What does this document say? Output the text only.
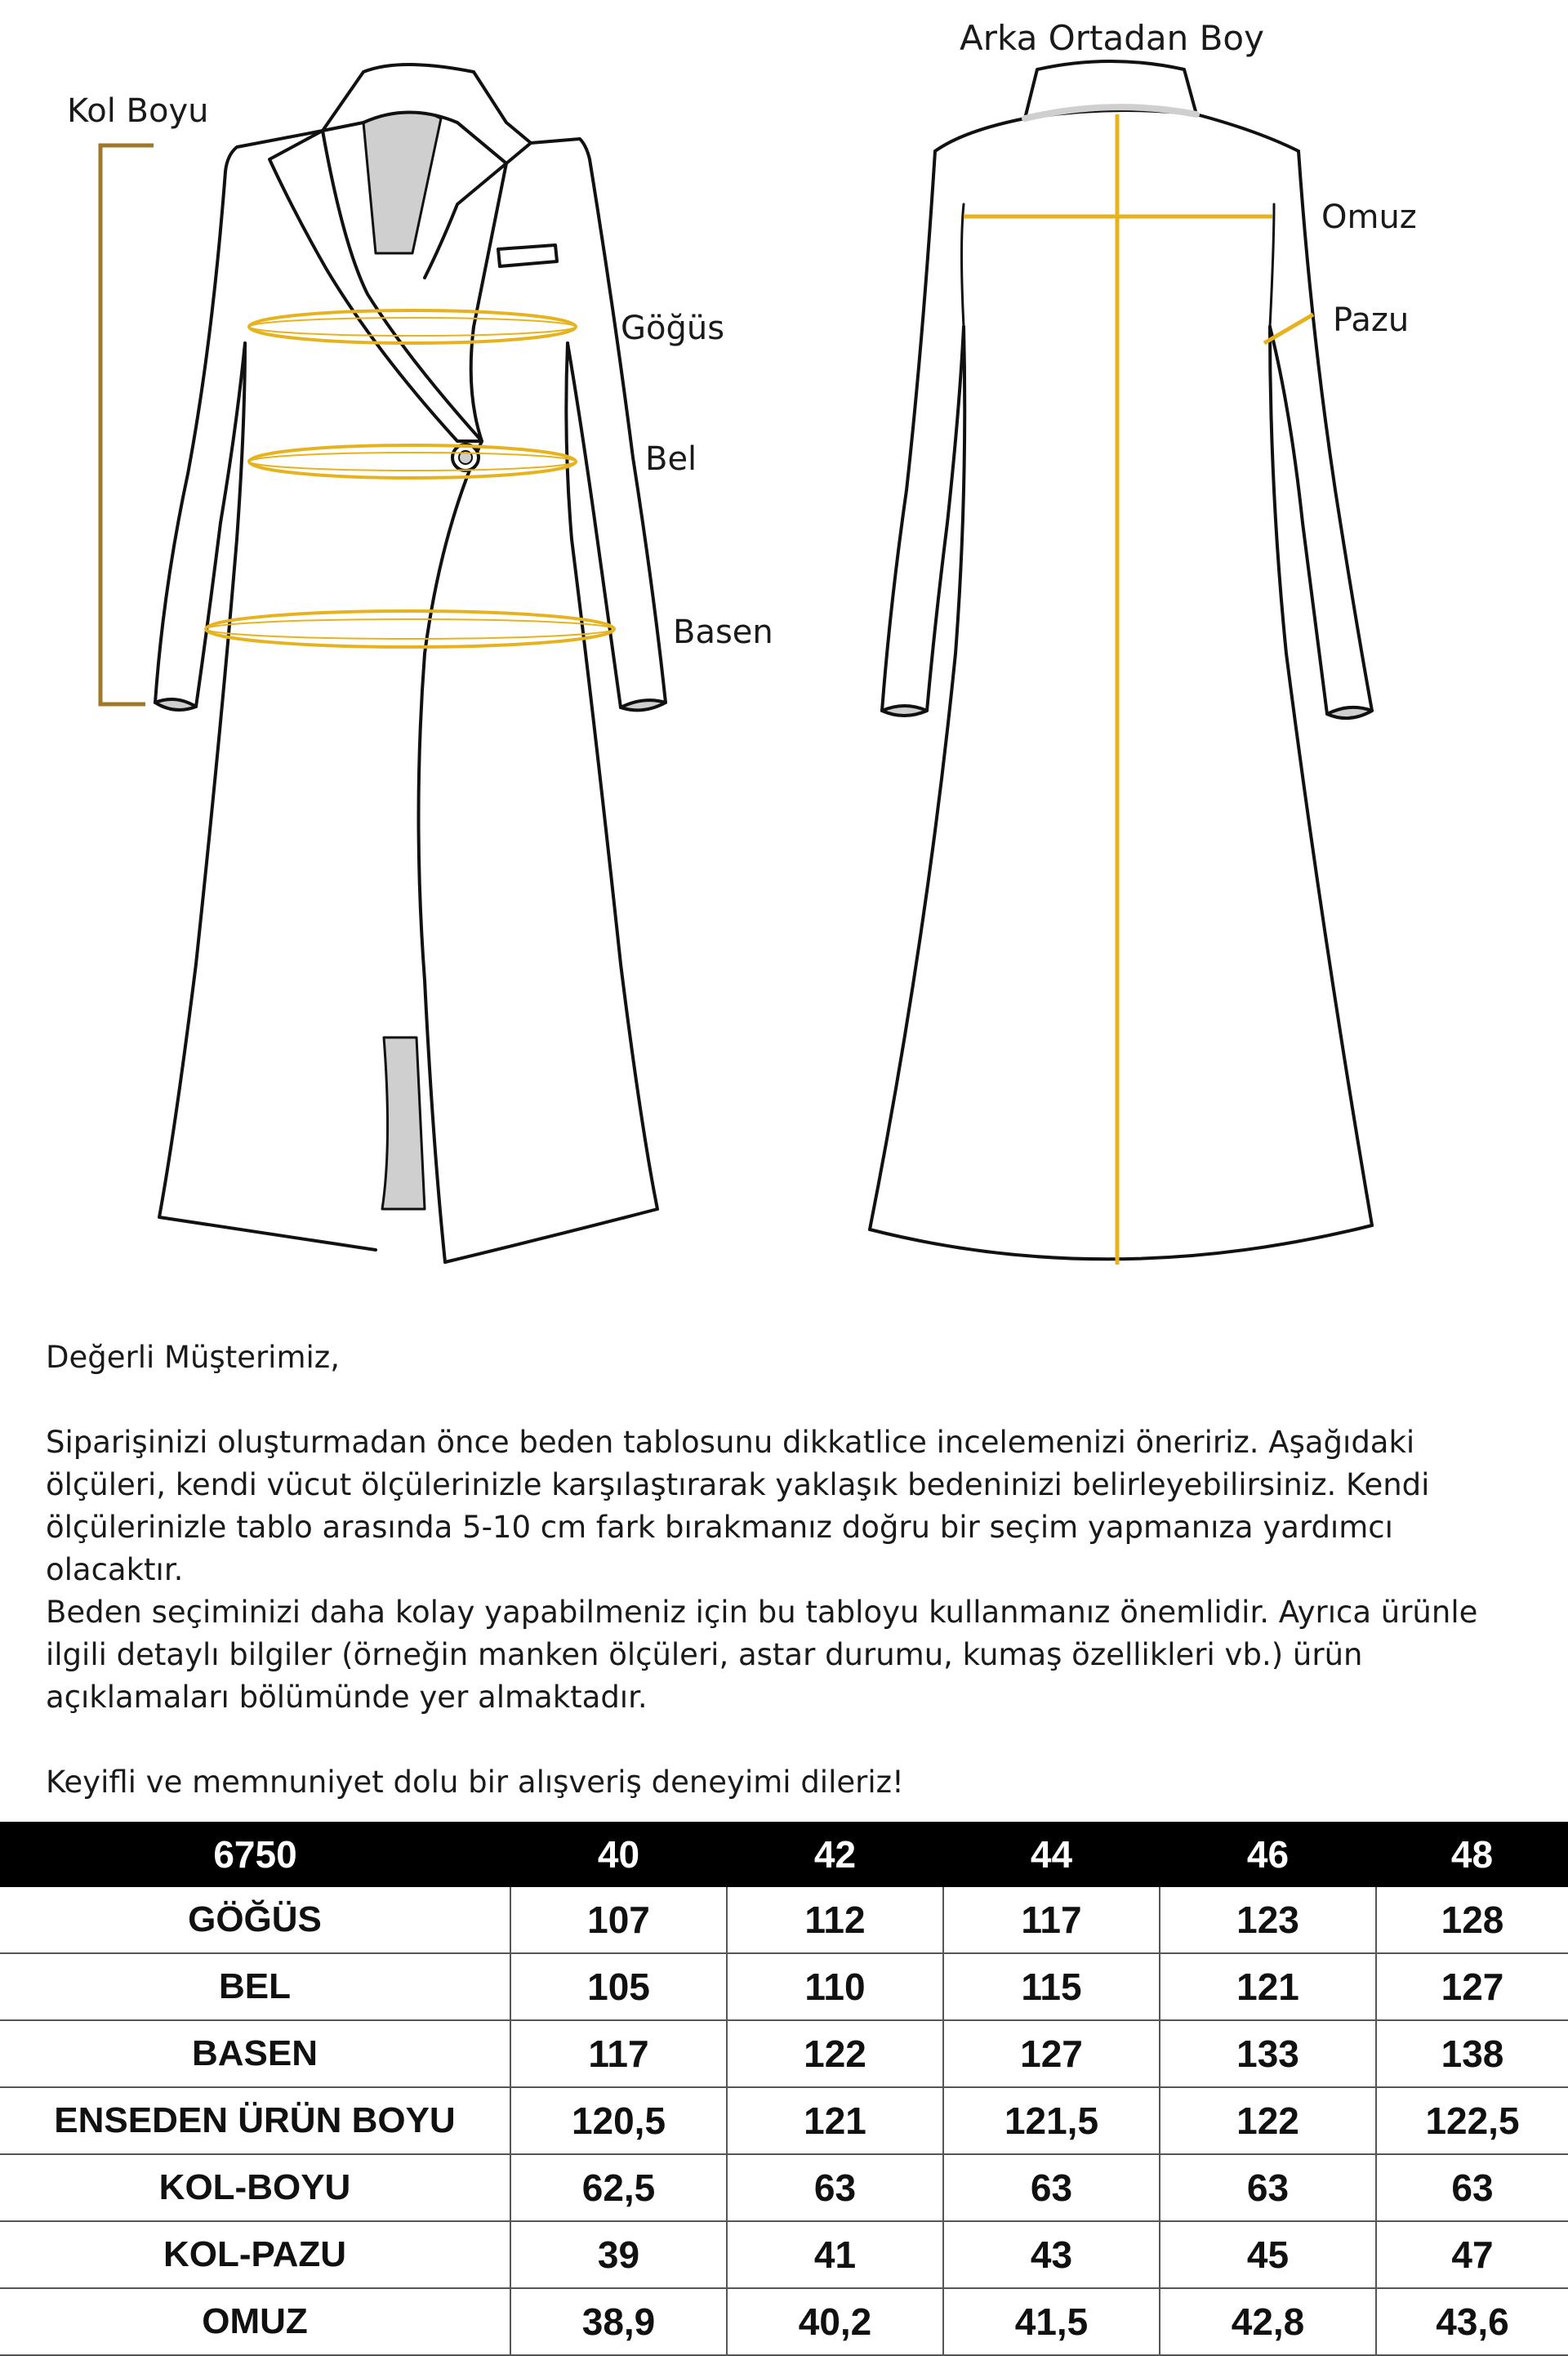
Kol Boyu
Göğüs
Bel
Basen
Arka Ortadan Boy
Omuz
Pazu

Değerli Müşterimiz,

Siparişinizi oluşturmadan önce beden tablosunu dikkatlice incelemenizi öneririz. Aşağıdaki ölçüleri, kendi vücut ölçülerinizle karşılaştırarak yaklaşık bedeninizi belirleyebilirsiniz. Kendi ölçülerinizle tablo arasında 5-10 cm fark bırakmanız doğru bir seçim yapmanıza yardımcı olacaktır.

Beden seçiminizi daha kolay yapabilmeniz için bu tabloyu kullanmanız önemlidir. Ayrıca ürünle ilgili detaylı bilgiler (örneğin manken ölçüleri, astar durumu, kumaş özellikleri vb.) ürün açıklamaları bölümünde yer almaktadır.

Keyifli ve memnuniyet dolu bir alışveriş deneyimi dileriz!

6750	40	42	44	46	48
GÖĞÜS	107	112	117	123	128
BEL	105	110	115	121	127
BASEN	117	122	127	133	138
ENSEDEN ÜRÜN BOYU	120,5	121	121,5	122	122,5
KOL-BOYU	62,5	63	63	63	63
KOL-PAZU	39	41	43	45	47
OMUZ	38,9	40,2	41,5	42,8	43,6
